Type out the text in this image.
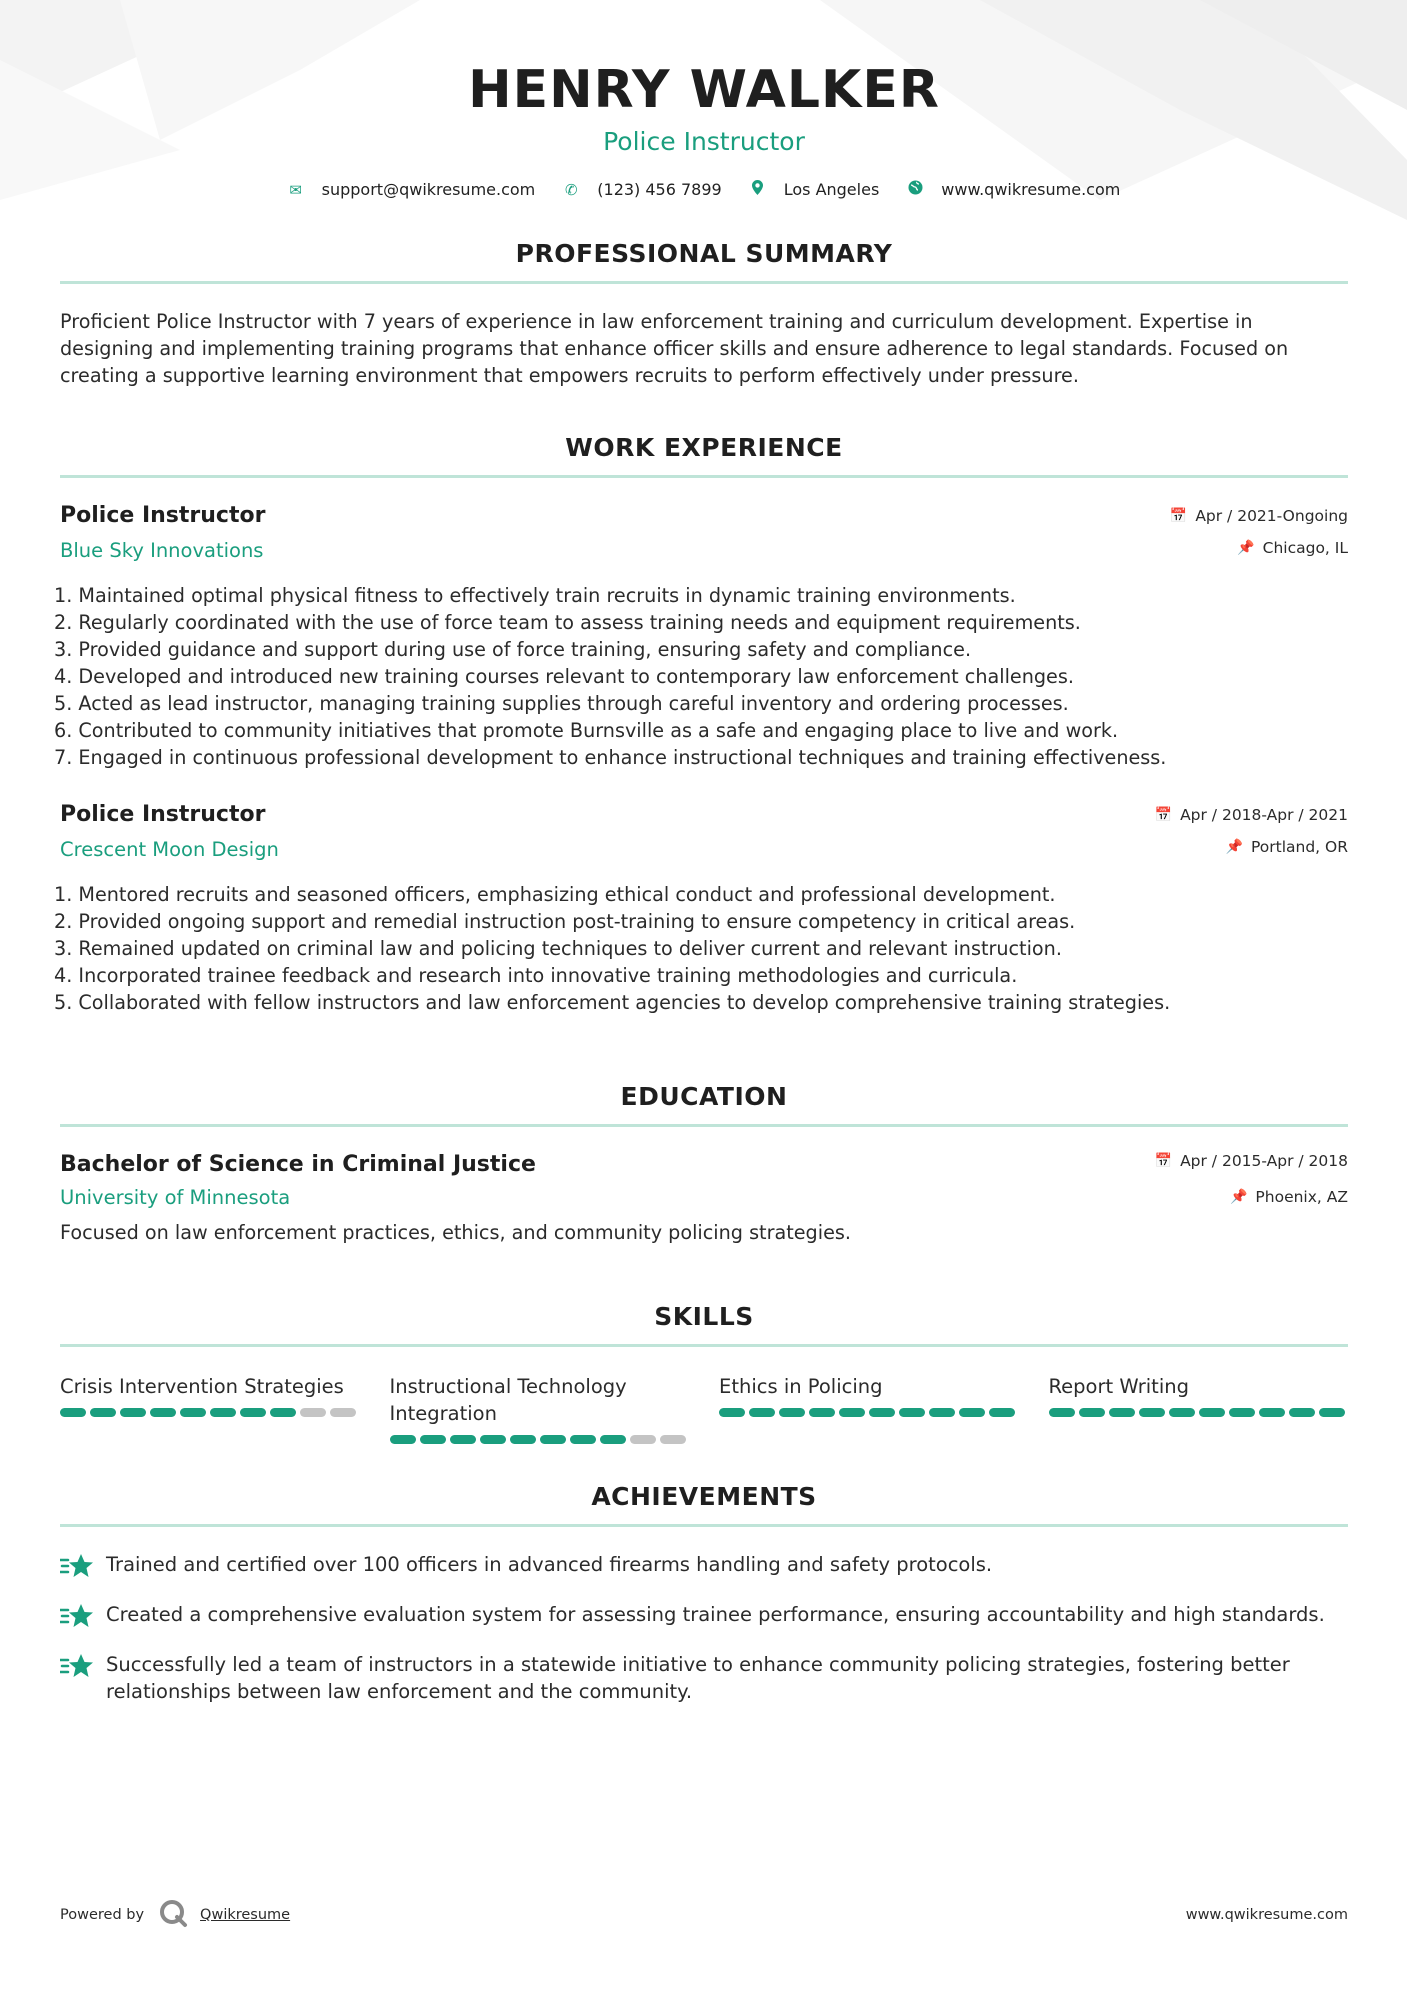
HENRY WALKER
Police Instructor
✉ support@qwikresume.com ✆ (123) 456 7899	Los Angeles	www.qwikresume.com
PROFESSIONAL SUMMARY

Proficient Police Instructor with 7 years of experience in law enforcement training and curriculum development. Expertise in designing and implementing training programs that enhance officer skills and ensure adherence to legal standards. Focused on creating a supportive learning environment that empowers recruits to perform effectively under pressure.

WORK EXPERIENCE
📅 Apr / 2021-Ongoing
📌 Chicago, IL
Police Instructor
Blue Sky Innovations
1. Maintained optimal physical fitness to effectively train recruits in dynamic training environments.
2. Regularly coordinated with the use of force team to assess training needs and equipment requirements.
3. Provided guidance and support during use of force training, ensuring safety and compliance.
4. Developed and introduced new training courses relevant to contemporary law enforcement challenges.
5. Acted as lead instructor, managing training supplies through careful inventory and ordering processes.
6. Contributed to community initiatives that promote Burnsville as a safe and engaging place to live and work.
7. Engaged in continuous professional development to enhance instructional techniques and training effectiveness.
📅 Apr / 2018-Apr / 2021
📌 Portland, OR
Police Instructor
Crescent Moon Design
1. Mentored recruits and seasoned officers, emphasizing ethical conduct and professional development.
2. Provided ongoing support and remedial instruction post-training to ensure competency in critical areas.
3. Remained updated on criminal law and policing techniques to deliver current and relevant instruction.
4. Incorporated trainee feedback and research into innovative training methodologies and curricula.
5. Collaborated with fellow instructors and law enforcement agencies to develop comprehensive training strategies.
EDUCATION
📅 Apr / 2015-Apr / 2018
📌 Phoenix, AZ
Bachelor of Science in Criminal Justice
University of Minnesota

Focused on law enforcement practices, ethics, and community policing strategies.

SKILLS
Crisis Intervention Strategies	Instructional Technology Integration
Ethics in Policing	Report Writing
ACHIEVEMENTS
Trained and certified over 100 officers in advanced firearms handling and safety protocols.
Created a comprehensive evaluation system for assessing trainee performance, ensuring accountability and high standards.
Successfully led a team of instructors in a statewide initiative to enhance community policing strategies, fostering better relationships between law enforcement and the community.
Powered by	Qwikresume	www.qwikresume.com
